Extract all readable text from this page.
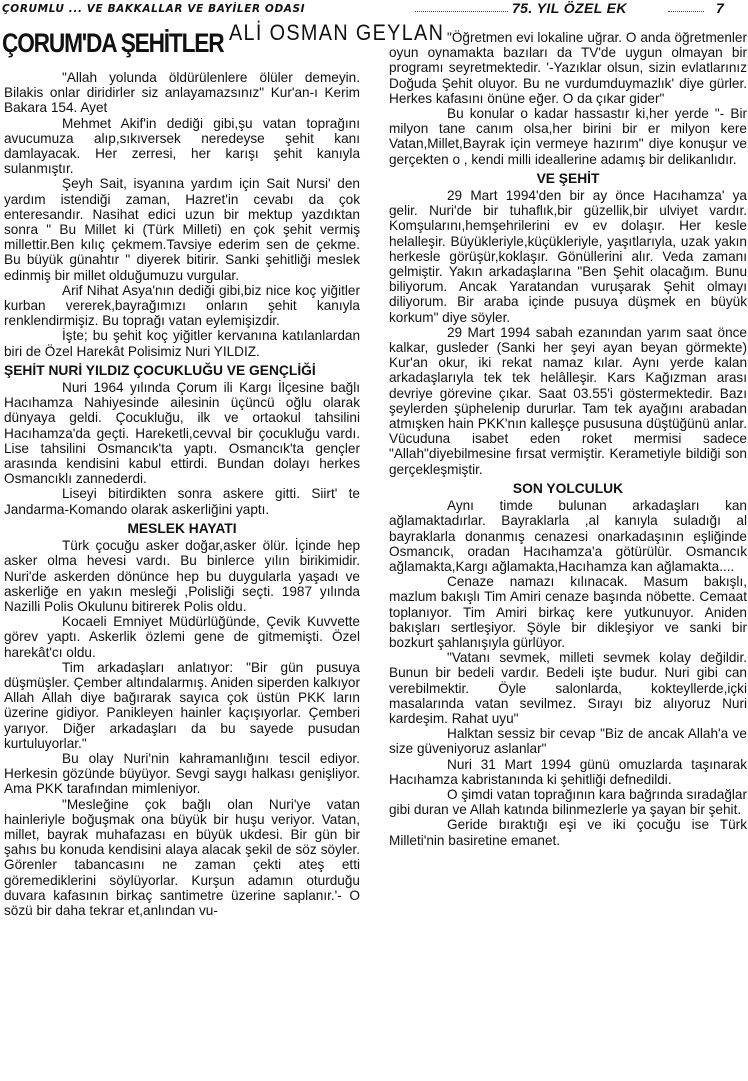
ÇORUMLU ... VE BAKKALLAR VE BAYİLER ODASI	75. YIL ÖZEL EK	7
ÇORUM'DA ŞEHİTLER ALİ OSMAN GEYLAN

"Allah yolunda öldürülenlere ölüler demeyin. Bilakis onlar diridirler siz anlayamazsınız" Kur'an-ı Kerim Bakara 154. Ayet

Mehmet Akif'in dediği gibi,şu vatan toprağını avucumuza alıp,sıkıversek neredeyse şehit kanı damlayacak. Her zerresi, her karışı şehit kanıyla sulanmıştır.

Şeyh Sait, isyanına yardım için Sait Nursi' den yardım istendiği zaman, Hazret'in cevabı da çok enteresandır. Nasihat edici uzun bir mektup yazdıktan sonra " Bu Millet ki (Türk Milleti) en çok şehit vermiş millettir.Ben kılıç çekmem.Tavsiye ederim sen de çekme. Bu büyük günahtır " diyerek bitirir. Sanki şehitliği meslek edinmiş bir millet olduğumuzu vurgular.

Arif Nihat Asya'nın dediği gibi,biz nice koç yiğitler kurban vererek,bayrağımızı onların şehit kanıyla renklendirmişiz. Bu toprağı vatan eylemişizdir.

İşte; bu şehit koç yiğitler kervanına katılanlardan biri de Özel Harekât Polisimiz Nuri YILDIZ.

ŞEHİT NURİ YILDIZ ÇOCUKLUĞU VE GENÇLİĞİ

Nuri 1964 yılında Çorum ili Kargı İlçesine bağlı Hacıhamza Nahiyesinde ailesinin üçüncü oğlu olarak dünyaya geldi. Çocukluğu, ilk ve ortaokul tahsilini Hacıhamza'da geçti. Hareketli,cevval bir çocukluğu vardı. Lise tahsilini Osmancık'ta yaptı. Osmancık'ta gençler arasında kendisini kabul ettirdi. Bundan dolayı herkes Osmancıklı zannederdi.

Liseyi bitirdikten sonra askere gitti. Siirt' te Jandarma-Komando olarak askerliğini yaptı.

MESLEK HAYATI

Türk çocuğu asker doğar,asker ölür. İçinde hep asker olma hevesi vardı. Bu binlerce yılın birikimidir. Nuri'de askerden dönünce hep bu duygularla yaşadı ve askerliğe en yakın mesleği ,Polisliği seçti. 1987 yılında Nazilli Polis Okulunu bitirerek Polis oldu.

Kocaeli Emniyet Müdürlüğünde, Çevik Kuvvette görev yaptı. Askerlik özlemi gene de gitmemişti. Özel harekât'cı oldu.

Tim arkadaşları anlatıyor: "Bir gün pusuya düşmüşler. Çember altındalarmış. Aniden siperden kalkıyor Allah Allah diye bağırarak sayıca çok üstün PKK ların üzerine gidiyor. Panikleyen hainler kaçışıyorlar. Çemberi yarıyor. Diğer arkadaşları da bu sayede pusudan kurtuluyorlar."

Bu olay Nuri'nin kahramanlığını tescil ediyor. Herkesin gözünde büyüyor. Sevgi saygı halkası genişliyor. Ama PKK tarafından mimleniyor.

"Mesleğine çok bağlı olan Nuri'ye vatan hainleriyle boğuşmak ona büyük bir huşu veriyor. Vatan, millet, bayrak muhafazası en büyük ukdesi. Bir gün bir şahıs bu konuda kendisini alaya alacak şekil de söz söyler. Görenler tabancasını ne zaman çekti ateş etti göremediklerini söylüyorlar. Kurşun adamın oturduğu duvara kafasının birkaç santimetre üzerine saplanır.'- O sözü bir daha tekrar et,anlından vu-

"Öğretmen evi lokaline uğrar. O anda öğretmenler oyun oynamakta bazıları da TV'de uygun olmayan bir programı seyretmektedir. '-Yazıklar olsun, sizin evlatlarınız Doğuda Şehit oluyor. Bu ne vurdumduymazlık' diye gürler. Herkes kafasını önüne eğer. O da çıkar gider"

Bu konular o kadar hassastır ki,her yerde "- Bir milyon tane canım olsa,her birini bir er milyon kere Vatan,Millet,Bayrak için vermeye hazırım" diye konuşur ve gerçekten o , kendi milli ideallerine adamış bir delikanlıdır.

VE ŞEHİT

29 Mart 1994'den bir ay önce Hacıhamza' ya gelir. Nuri'de bir tuhaflık,bir güzellik,bir ulviyet vardır. Komşularını,hemşehrilerini ev ev dolaşır. Her kesle helalleşir. Büyükleriyle,küçükleriyle, yaşıtlarıyla, uzak yakın herkesle görüşür,koklaşır. Gönüllerini alır. Veda zamanı gelmiştir. Yakın arkadaşlarına "Ben Şehit olacağım. Bunu biliyorum. Ancak Yaratandan vuruşarak Şehit olmayı diliyorum. Bir araba içinde pusuya düşmek en büyük korkum" diye söyler.

29 Mart 1994 sabah ezanından yarım saat önce kalkar, gusleder (Sanki her şeyi ayan beyan görmekte) Kur'an okur, iki rekat namaz kılar. Aynı yerde kalan arkadaşlarıyla tek tek helâlleşir. Kars Kağızman arası devriye görevine çıkar. Saat 03.55'i göstermektedir. Bazı şeylerden şüphelenip dururlar. Tam tek ayağını arabadan atmışken hain PKK'nın kalleşçe pususuna düştüğünü anlar. Vücuduna isabet eden roket mermisi sadece "Allah"diyebilmesine fırsat vermiştir. Kerametiyle bildiği son gerçekleşmiştir.

SON YOLCULUK

Aynı timde bulunan arkadaşları kan ağlamaktadırlar. Bayraklarla ,al kanıyla suladığı al bayraklarla donanmış cenazesi onarkadaşının eşliğinde Osmancık, oradan Hacıhamza'a götürülür. Osmancık ağlamakta,Kargı ağlamakta,Hacıhamza kan ağlamakta....

Cenaze namazı kılınacak. Masum bakışlı, mazlum bakışlı Tim Amiri cenaze başında nöbette. Cemaat toplanıyor. Tim Amiri birkaç kere yutkunuyor. Aniden bakışları sertleşiyor. Şöyle bir dikleşiyor ve sanki bir bozkurt şahlanışıyla gürlüyor.

"Vatanı sevmek, milleti sevmek kolay değildir. Bunun bir bedeli vardır. Bedeli işte budur. Nuri gibi can verebilmektir. Öyle salonlarda, kokteyllerde,içki masalarında vatan sevilmez. Sırayı biz alıyoruz Nuri kardeşim. Rahat uyu"

Halktan sessiz bir cevap "Biz de ancak Allah'a ve size güveniyoruz aslanlar"

Nuri 31 Mart 1994 günü omuzlarda taşınarak Hacıhamza kabristanında ki şehitliği defnedildi.

O şimdi vatan toprağının kara bağrında sıradağlar gibi duran ve Allah katında bilinmezlerle ya şayan bir şehit.

Geride bıraktığı eşi ve iki çocuğu ise Türk Milleti'nin basiretine emanet.
